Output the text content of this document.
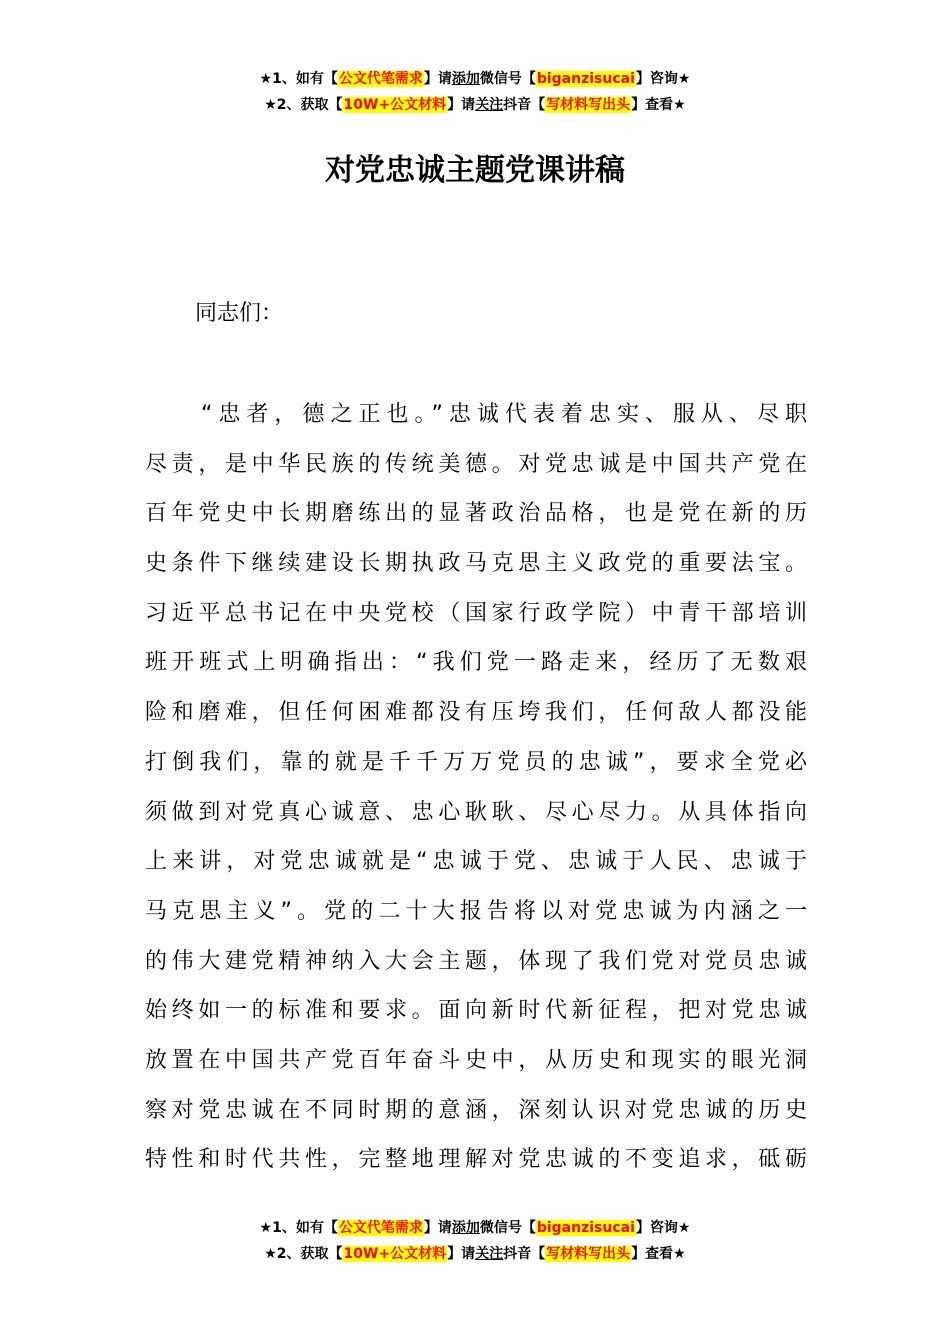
★1、如有【公文代笔需求】请添加微信号【biganzisucai】咨询★
★2、获取【10W+公文材料】请关注抖音【写材料写出头】查看★
对党忠诚主题党课讲稿
同志们：
“忠者，德之正也。”忠诚代表着忠实、服从、尽职
尽责，是中华民族的传统美德。对党忠诚是中国共产党在
百年党史中长期磨练出的显著政治品格，也是党在新的历
史条件下继续建设长期执政马克思主义政党的重要法宝。
习近平总书记在中央党校（国家行政学院）中青干部培训
班开班式上明确指出：“我们党一路走来，经历了无数艰
险和磨难，但任何困难都没有压垮我们，任何敌人都没能
打倒我们，靠的就是千千万万党员的忠诚”，要求全党必
须做到对党真心诚意、忠心耿耿、尽心尽力。从具体指向
上来讲，对党忠诚就是“忠诚于党、忠诚于人民、忠诚于
马克思主义”。党的二十大报告将以对党忠诚为内涵之一
的伟大建党精神纳入大会主题，体现了我们党对党员忠诚
始终如一的标准和要求。面向新时代新征程，把对党忠诚
放置在中国共产党百年奋斗史中，从历史和现实的眼光洞
察对党忠诚在不同时期的意涵，深刻认识对党忠诚的历史
特性和时代共性，完整地理解对党忠诚的不变追求，砥砺
★1、如有【公文代笔需求】请添加微信号【biganzisucai】咨询★
★2、获取【10W+公文材料】请关注抖音【写材料写出头】查看★
